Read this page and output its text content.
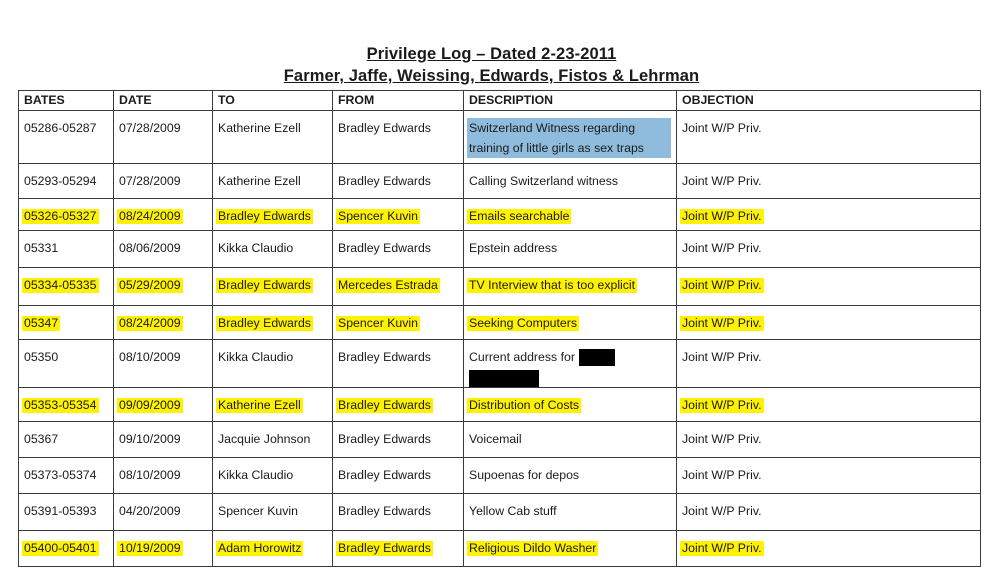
Privilege Log – Dated 2-23-2011
Farmer, Jaffe, Weissing, Edwards, Fistos & Lehrman
BATES	DATE	TO	FROM	DESCRIPTION	OBJECTION
05286-05287	07/28/2009	Katherine Ezell	Bradley Edwards	Switzerland Witness regarding training of little girls as sex traps	Joint W/P Priv.
05293-05294	07/28/2009	Katherine Ezell	Bradley Edwards	Calling Switzerland witness	Joint W/P Priv.
05326-05327	08/24/2009	Bradley Edwards	Spencer Kuvin	Emails searchable	Joint W/P Priv.
05331	08/06/2009	Kikka Claudio	Bradley Edwards	Epstein address	Joint W/P Priv.
05334-05335	05/29/2009	Bradley Edwards	Mercedes Estrada	TV Interview that is too explicit	Joint W/P Priv.
05347	08/24/2009	Bradley Edwards	Spencer Kuvin	Seeking Computers	Joint W/P Priv.
05350	08/10/2009	Kikka Claudio	Bradley Edwards	Current address for	Joint W/P Priv.
05353-05354	09/09/2009	Katherine Ezell	Bradley Edwards	Distribution of Costs	Joint W/P Priv.
05367	09/10/2009	Jacquie Johnson	Bradley Edwards	Voicemail	Joint W/P Priv.
05373-05374	08/10/2009	Kikka Claudio	Bradley Edwards	Supoenas for depos	Joint W/P Priv.
05391-05393	04/20/2009	Spencer Kuvin	Bradley Edwards	Yellow Cab stuff	Joint W/P Priv.
05400-05401	10/19/2009	Adam Horowitz	Bradley Edwards	Religious Dildo Washer	Joint W/P Priv.
